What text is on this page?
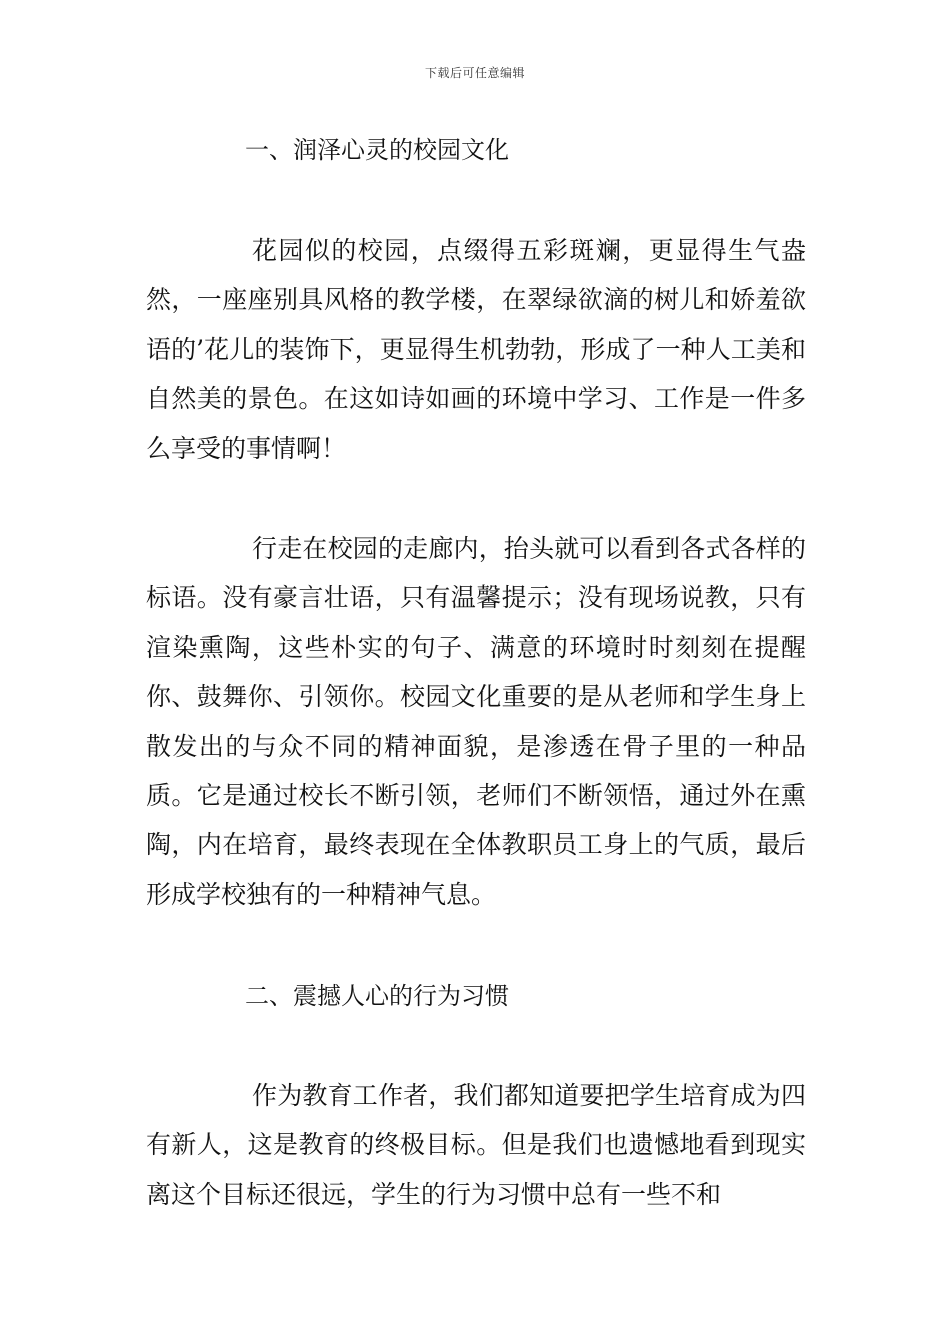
下载后可任意编辑
一、润泽心灵的校园文化

花园似的校园，点缀得五彩斑斓，更显得生气盎然，一座座别具风格的教学楼，在翠绿欲滴的树儿和娇羞欲语的’花儿的装饰下，更显得生机勃勃，形成了一种人工美和自然美的景色。在这如诗如画的环境中学习、工作是一件多么享受的事情啊！

行走在校园的走廊内，抬头就可以看到各式各样的标语。没有豪言壮语，只有温馨提示；没有现场说教，只有渲染熏陶，这些朴实的句子、满意的环境时时刻刻在提醒你、鼓舞你、引领你。校园文化重要的是从老师和学生身上散发出的与众不同的精神面貌，是渗透在骨子里的一种品质。它是通过校长不断引领，老师们不断领悟，通过外在熏陶，内在培育，最终表现在全体教职员工身上的气质，最后形成学校独有的一种精神气息。

二、震撼人心的行为习惯

作为教育工作者，我们都知道要把学生培育成为四有新人，这是教育的终极目标。但是我们也遗憾地看到现实离这个目标还很远，学生的行为习惯中总有一些不和
